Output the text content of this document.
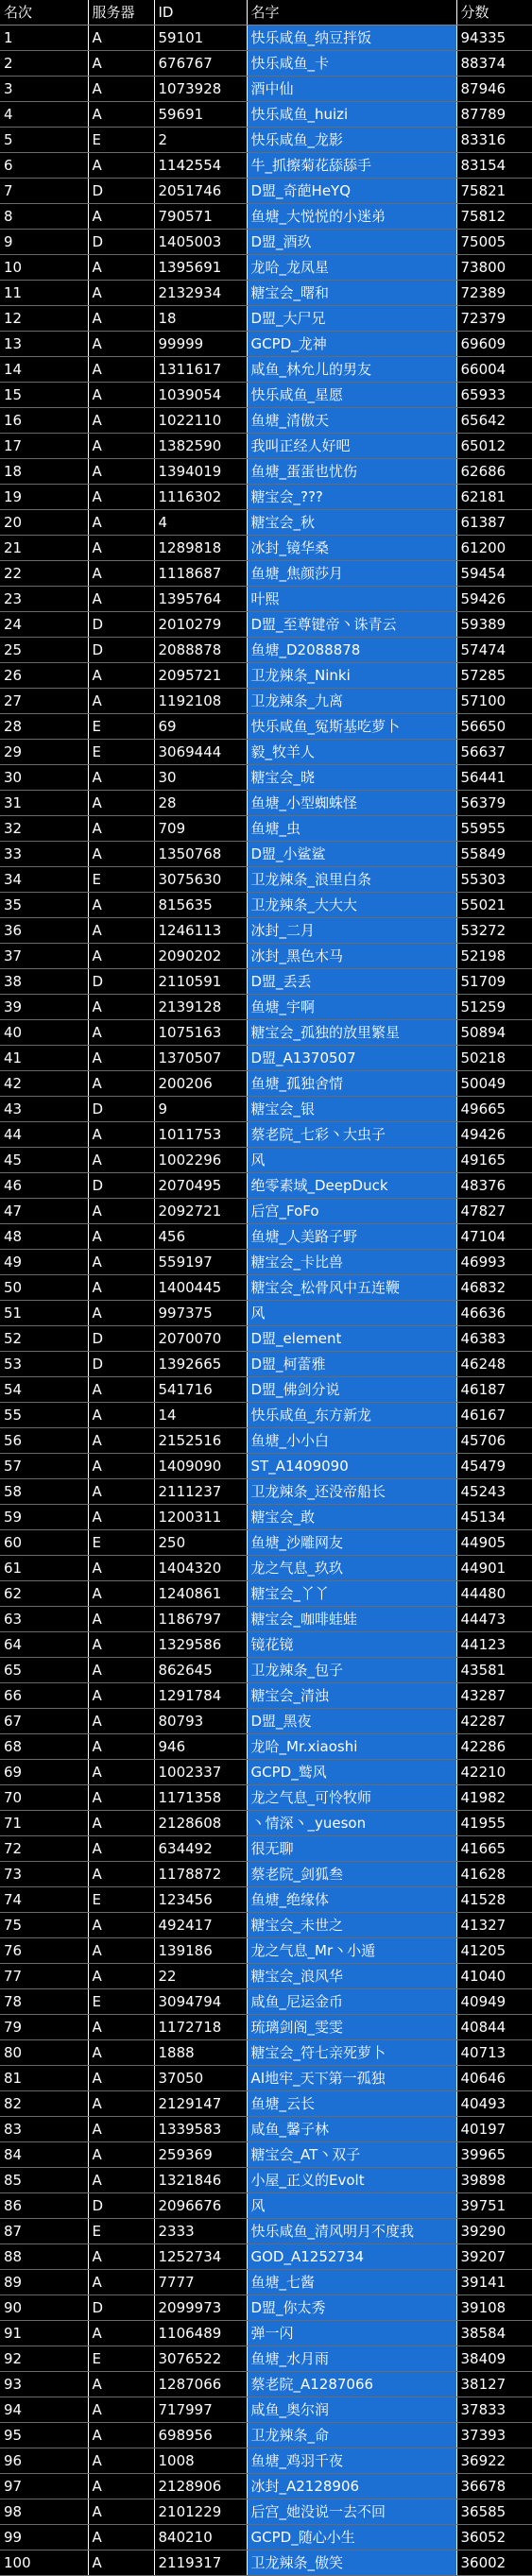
名次	服务器	ID	名字	分数
1	A	59101	快乐咸鱼_纳豆拌饭	94335
2	A	676767	快乐咸鱼_卡	88374
3	A	1073928	酒中仙	87946
4	A	59691	快乐咸鱼_huizi	87789
5	E	2	快乐咸鱼_龙影	83316
6	A	1142554	牛_抓擦菊花舔舔手	83154
7	D	2051746	D盟_奇葩HeYQ	75821
8	A	790571	鱼塘_大悦悦的小迷弟	75812
9	D	1405003	D盟_酒玖	75005
10	A	1395691	龙哈_龙凤星	73800
11	A	2132934	糖宝会_曙和	72389
12	A	18	D盟_大尸兄	72379
13	A	99999	GCPD_龙神	69609
14	A	1311617	咸鱼_林允儿的男友	66004
15	A	1039054	快乐咸鱼_星愿	65933
16	A	1022110	鱼塘_清傲天	65642
17	A	1382590	我叫正经人好吧	65012
18	A	1394019	鱼塘_蛋蛋也忧伤	62686
19	A	1116302	糖宝会_???	62181
20	A	4	糖宝会_秋	61387
21	A	1289818	冰封_镜华桑	61200
22	A	1118687	鱼塘_焦颜莎月	59454
23	A	1395764	叶熙	59426
24	D	2010279	D盟_至尊键帝丶诛青云	59389
25	D	2088878	鱼塘_D2088878	57474
26	A	2095721	卫龙辣条_Ninki	57285
27	A	1192108	卫龙辣条_九离	57100
28	E	69	快乐咸鱼_冤斯基吃萝卜	56650
29	E	3069444	毅_牧羊人	56637
30	A	30	糖宝会_晓	56441
31	A	28	鱼塘_小型蜘蛛怪	56379
32	A	709	鱼塘_虫	55955
33	A	1350768	D盟_小鲨鲨	55849
34	E	3075630	卫龙辣条_浪里白条	55303
35	A	815635	卫龙辣条_大大大	55021
36	A	1246113	冰封_二月	53272
37	A	2090202	冰封_黑色木马	52198
38	D	2110591	D盟_丢丢	51709
39	A	2139128	鱼塘_宇啊	51259
40	A	1075163	糖宝会_孤独的放里繁星	50894
41	A	1370507	D盟_A1370507	50218
42	A	200206	鱼塘_孤独舍情	50049
43	D	9	糖宝会_银	49665
44	A	1011753	蔡老院_七彩丶大虫子	49426
45	A	1002296	风	49165
46	D	2070495	绝零素域_DeepDuck	48376
47	A	2092721	后宫_FoFo	47827
48	A	456	鱼塘_人美路子野	47104
49	A	559197	糖宝会_卡比兽	46993
50	A	1400445	糖宝会_松骨风中五连鞭	46832
51	A	997375	风	46636
52	D	2070070	D盟_element	46383
53	D	1392665	D盟_柯蕾雅	46248
54	A	541716	D盟_佛剑分说	46187
55	A	14	快乐咸鱼_东方新龙	46167
56	A	2152516	鱼塘_小小白	45706
57	A	1409090	ST_A1409090	45479
58	A	2111237	卫龙辣条_还没帝船长	45243
59	A	1200311	糖宝会_敢	45134
60	E	250	鱼塘_沙雕网友	44905
61	A	1404320	龙之气息_玖玖	44901
62	A	1240861	糖宝会_丫丫	44480
63	A	1186797	糖宝会_咖啡蛙蛙	44473
64	A	1329586	镜花镜	44123
65	A	862645	卫龙辣条_包子	43581
66	A	1291784	糖宝会_清浊	43287
67	A	80793	D盟_黑夜	42287
68	A	946	龙哈_Mr.xiaoshi	42286
69	A	1002337	GCPD_鹫风	42210
70	A	1171358	龙之气息_可怜牧师	41982
71	A	2128608	丶情深丶_yueson	41955
72	A	634492	很无聊	41665
73	A	1178872	蔡老院_剑狐叁	41628
74	E	123456	鱼塘_绝缘体	41528
75	A	492417	糖宝会_未世之	41327
76	A	139186	龙之气息_Mr丶小遁	41205
77	A	22	糖宝会_浪风华	41040
78	E	3094794	咸鱼_尼运金币	40949
79	A	1172718	琉璃剑阁_雯雯	40844
80	A	1888	糖宝会_符七亲死萝卜	40713
81	A	37050	AI地牢_天下第一孤独	40646
82	A	2129147	鱼塘_云长	40493
83	A	1339583	咸鱼_馨子林	40197
84	A	259369	糖宝会_AT丶双子	39965
85	A	1321846	小屋_正义的Evolt	39898
86	D	2096676	风	39751
87	E	2333	快乐咸鱼_清风明月不度我	39290
88	A	1252734	GOD_A1252734	39207
89	A	7777	鱼塘_七酱	39141
90	D	2099973	D盟_你太秀	39108
91	A	1106489	弹一闪	38584
92	E	3076522	鱼塘_水月雨	38409
93	A	1287066	蔡老院_A1287066	38127
94	A	717997	咸鱼_奥尔润	37833
95	A	698956	卫龙辣条_命	37393
96	A	1008	鱼塘_鸡羽千夜	36922
97	A	2128906	冰封_A2128906	36678
98	A	2101229	后宫_她没说一去不回	36585
99	A	840210	GCPD_随心小生	36052
100	A	2119317	卫龙辣条_傲笑	36002
